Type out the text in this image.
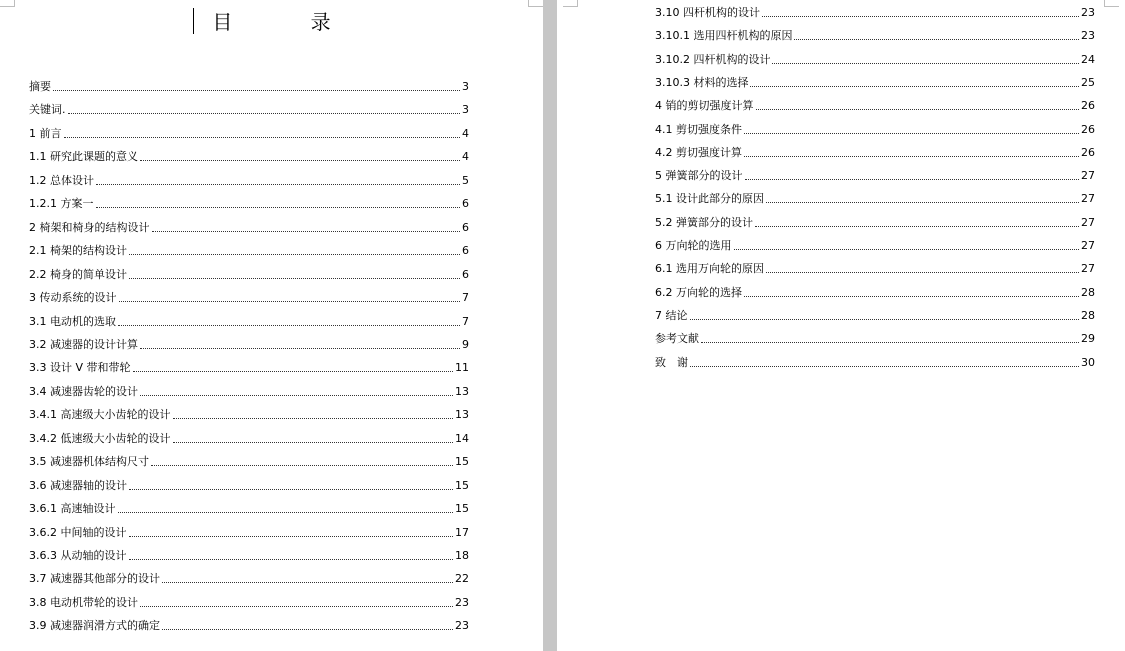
目 录
摘要	3
关键词.	3
1 前言	4
1.1 研究此课题的意义	4
1.2 总体设计	5
1.2.1 方案一	6
2 椅架和椅身的结构设计	6
2.1 椅架的结构设计	6
2.2 椅身的简单设计	6
3 传动系统的设计	7
3.1 电动机的选取	7
3.2 减速器的设计计算	9
3.3 设计 V 带和带轮	11
3.4 减速器齿轮的设计	13
3.4.1 高速级大小齿轮的设计	13
3.4.2 低速级大小齿轮的设计	14
3.5 减速器机体结构尺寸	15
3.6 减速器轴的设计	15
3.6.1 高速轴设计	15
3.6.2 中间轴的设计	17
3.6.3 从动轴的设计	18
3.7 减速器其他部分的设计	22
3.8 电动机带轮的设计	23
3.9 减速器润滑方式的确定	23
3.10 四杆机构的设计	23
3.10.1 选用四杆机构的原因	23
3.10.2 四杆机构的设计	24
3.10.3 材料的选择	25
4 销的剪切强度计算	26
4.1 剪切强度条件	26
4.2 剪切强度计算	26
5 弹簧部分的设计	27
5.1 设计此部分的原因	27
5.2 弹簧部分的设计	27
6 万向轮的选用	27
6.1 选用万向轮的原因	27
6.2 万向轮的选择	28
7 结论	28
参考文献	29
致　谢	30
